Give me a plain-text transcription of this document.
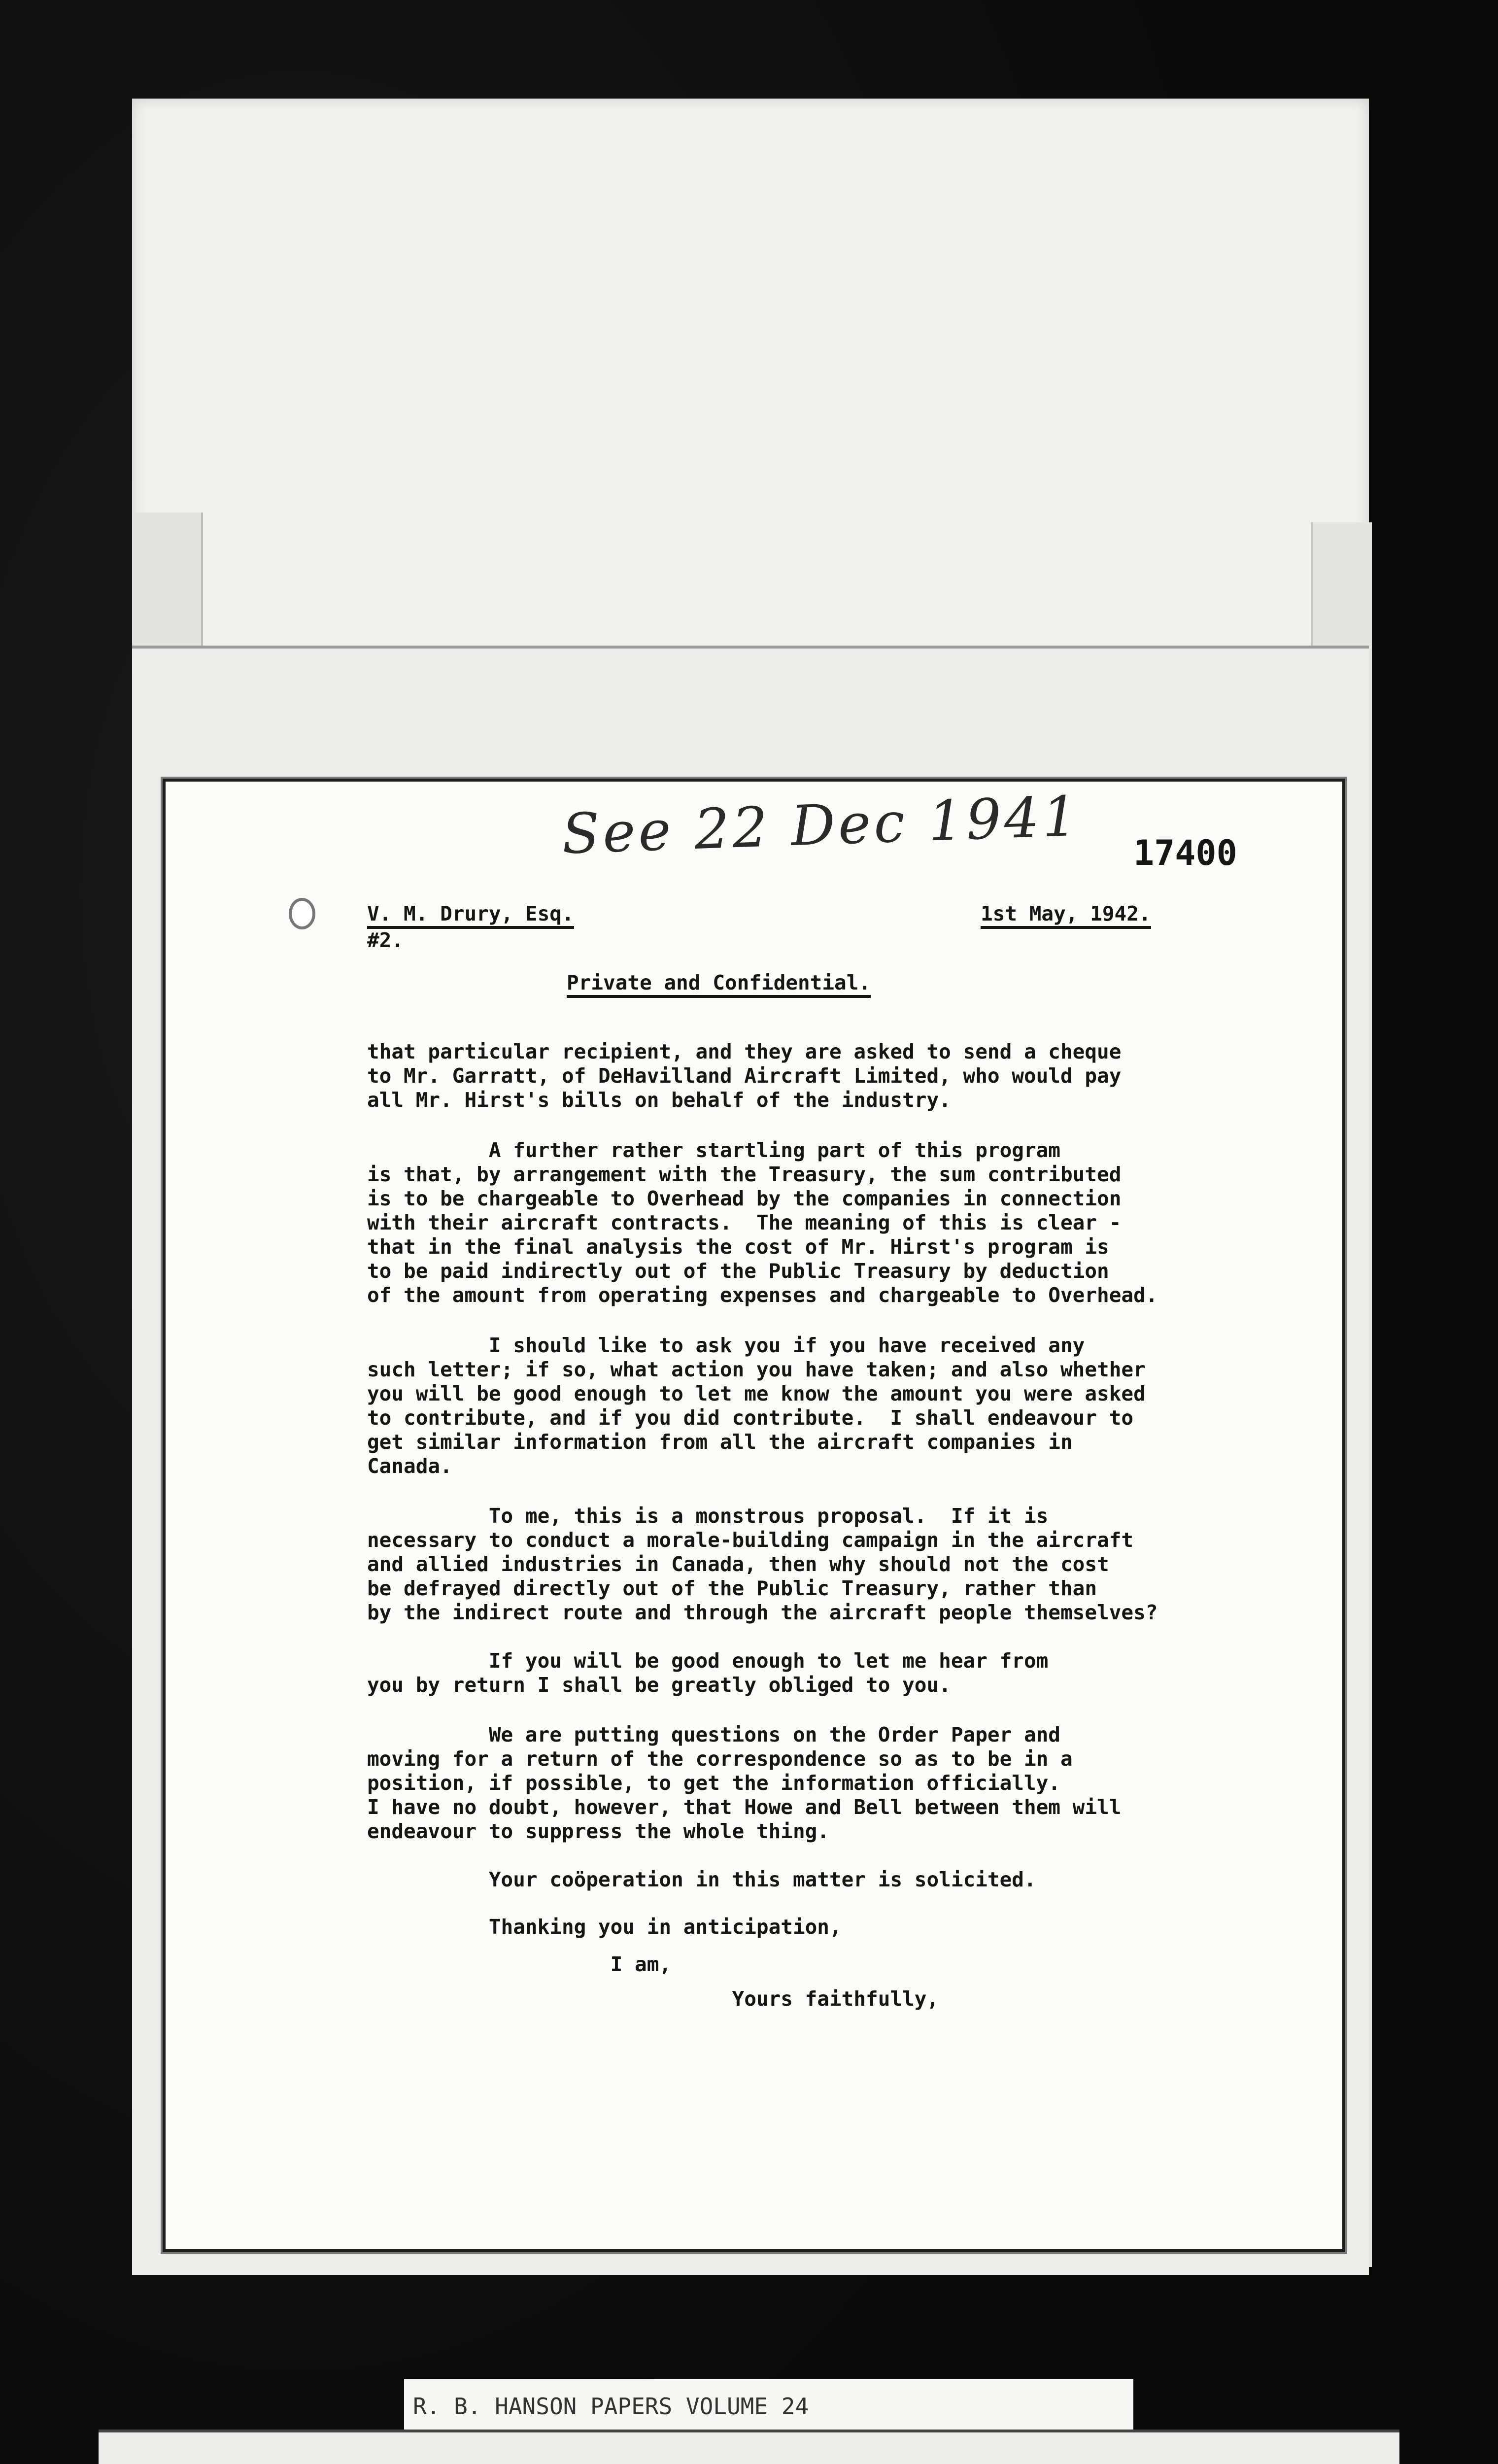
See 22 Dec 1941 17400
V. M. Drury, Esq.
#2.
1st May, 1942.
Private and Confidential.
that particular recipient, and they are asked to send a cheque
to Mr. Garratt, of DeHavilland Aircraft Limited, who would pay
all Mr. Hirst's bills on behalf of the industry.
A further rather startling part of this program
is that, by arrangement with the Treasury, the sum contributed
is to be chargeable to Overhead by the companies in connection
with their aircraft contracts.  The meaning of this is clear -
that in the final analysis the cost of Mr. Hirst's program is
to be paid indirectly out of the Public Treasury by deduction
of the amount from operating expenses and chargeable to Overhead.
I should like to ask you if you have received any
such letter; if so, what action you have taken; and also whether
you will be good enough to let me know the amount you were asked
to contribute, and if you did contribute.  I shall endeavour to
get similar information from all the aircraft companies in
Canada.
To me, this is a monstrous proposal.  If it is
necessary to conduct a morale-building campaign in the aircraft
and allied industries in Canada, then why should not the cost
be defrayed directly out of the Public Treasury, rather than
by the indirect route and through the aircraft people themselves?
If you will be good enough to let me hear from
you by return I shall be greatly obliged to you.
We are putting questions on the Order Paper and
moving for a return of the correspondence so as to be in a
position, if possible, to get the information officially.
I have no doubt, however, that Howe and Bell between them will
endeavour to suppress the whole thing.
Your coöperation in this matter is solicited.
Thanking you in anticipation,
I am,
Yours faithfully,
R. B. HANSON PAPERS VOLUME 24
